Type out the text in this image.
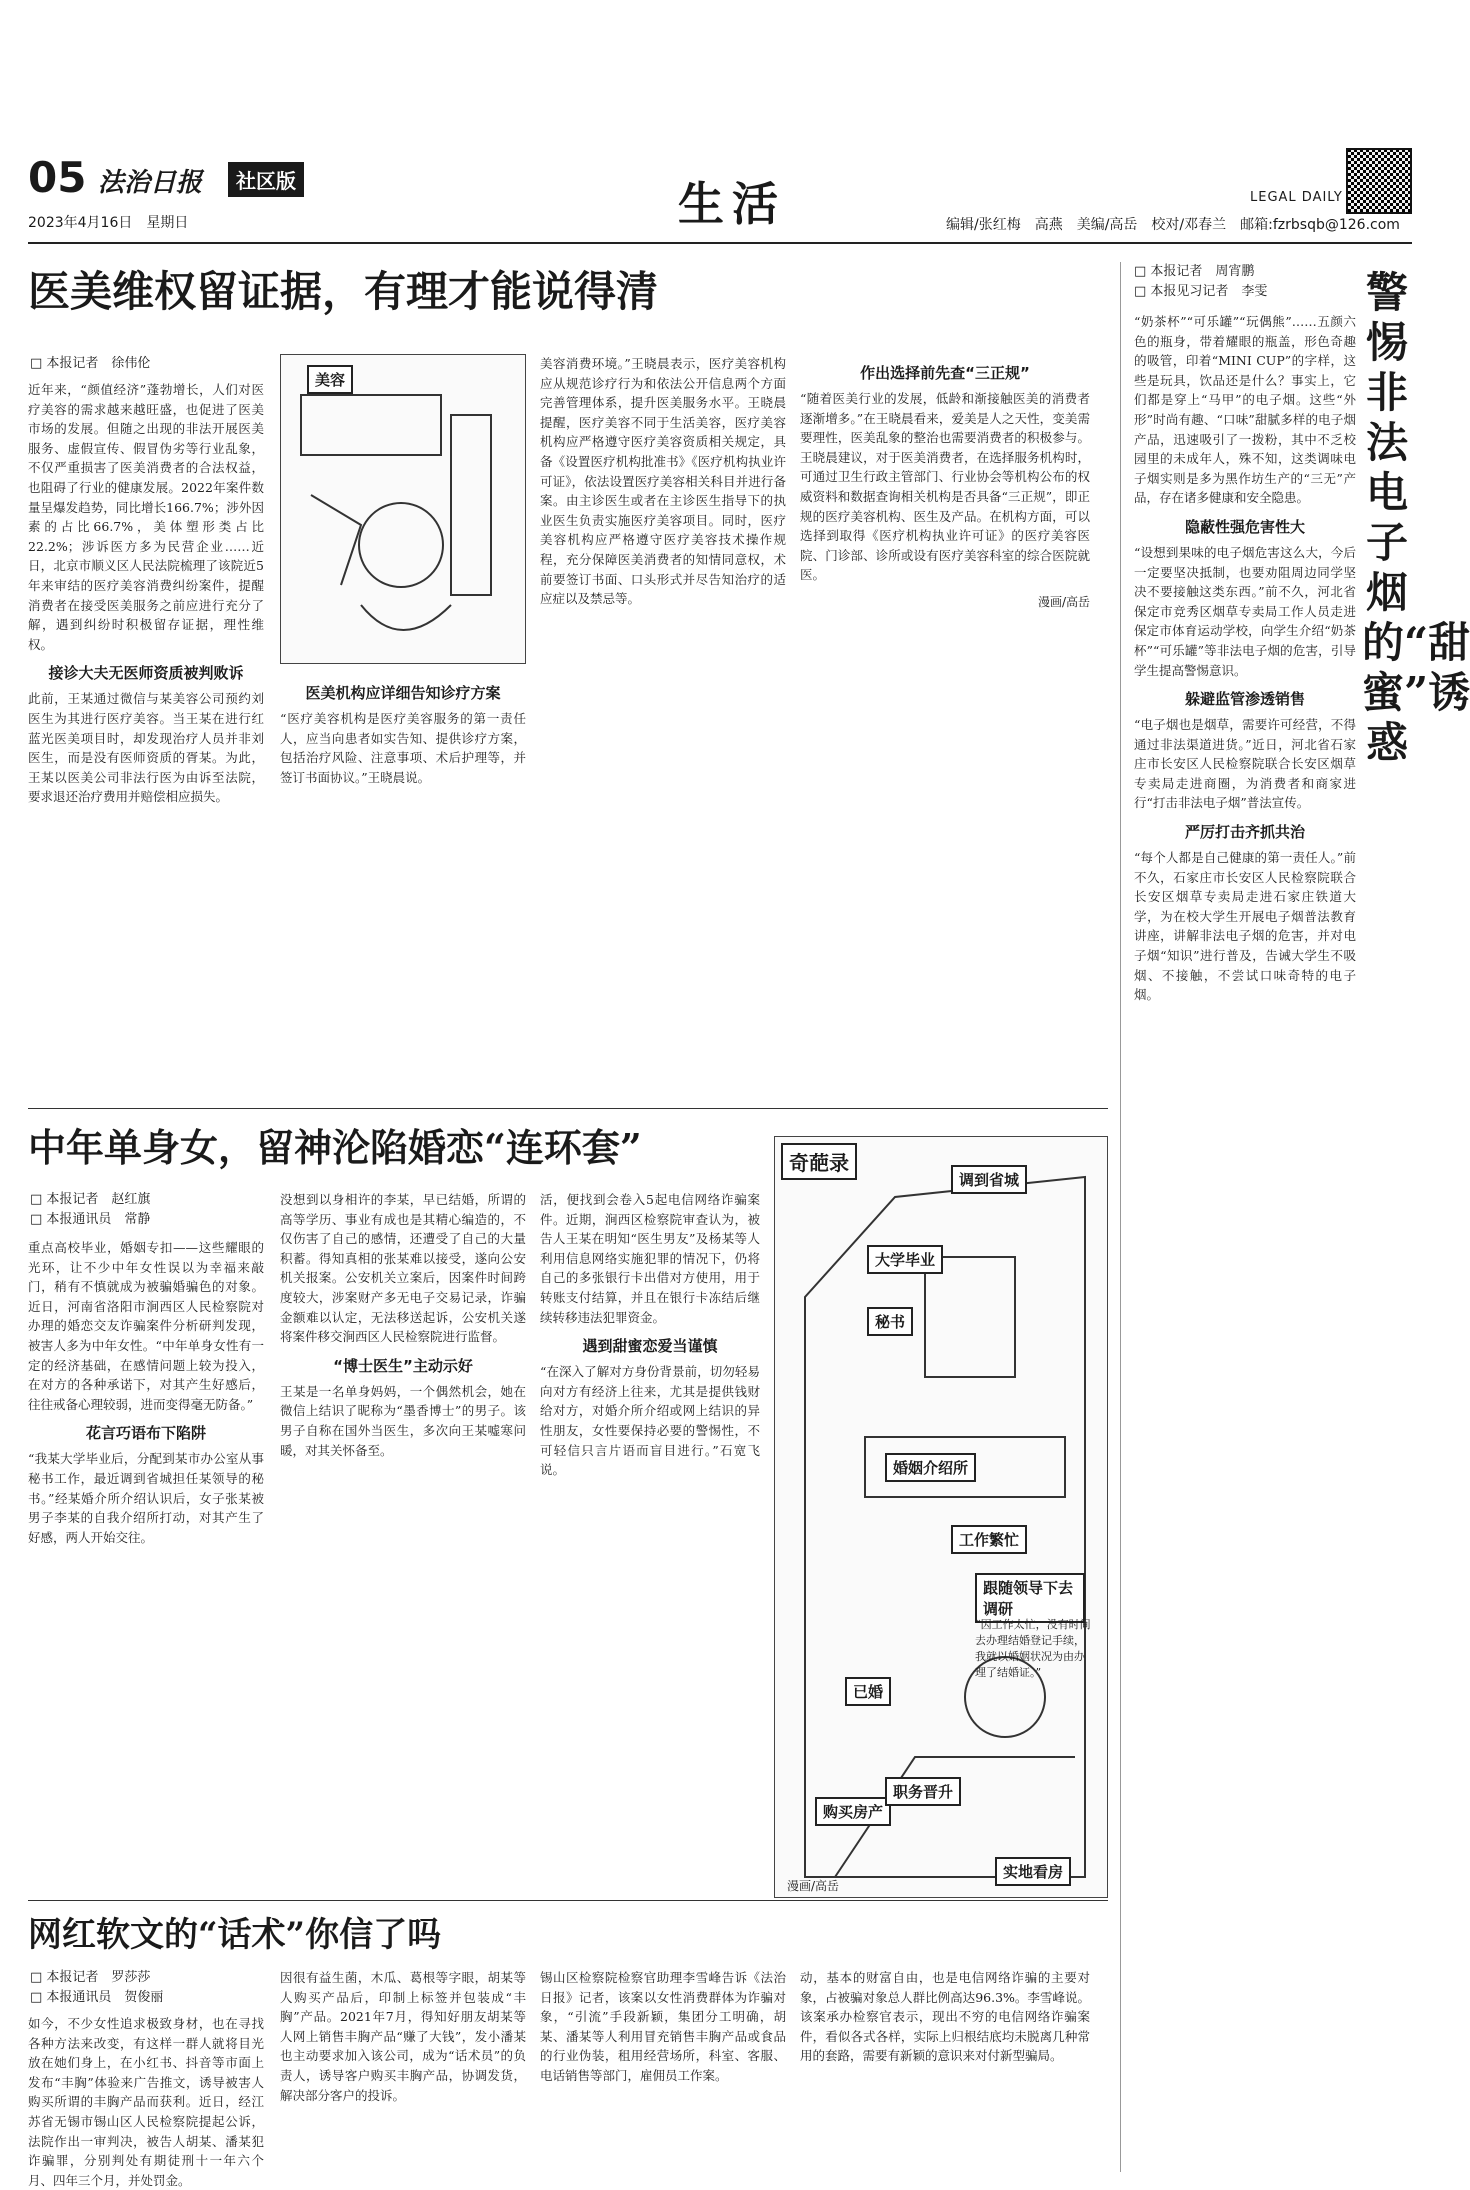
05 法治日报	社区版
2023年4月16日　星期日	生活	LEGAL DAILY
编辑/张红梅　高燕　美编/高岳　校对/邓春兰　邮箱:fzrbsqb@126.com
医美维权留证据，有理才能说得清
□ 本报记者　徐伟伦

近年来，“颜值经济”蓬勃增长，人们对医疗美容的需求越来越旺盛，也促进了医美市场的发展。但随之出现的非法开展医美服务、虚假宣传、假冒伪劣等行业乱象，不仅严重损害了医美消费者的合法权益，也阻碍了行业的健康发展。2022年案件数量呈爆发趋势，同比增长166.7%；涉外因素的占比66.7%，美体塑形类占比22.2%；涉诉医方多为民营企业……近日，北京市顺义区人民法院梳理了该院近5年来审结的医疗美容消费纠纷案件，提醒消费者在接受医美服务之前应进行充分了解，遇到纠纷时积极留存证据，理性维权。

接诊大夫无医师资质被判败诉

此前，王某通过微信与某美容公司预约刘医生为其进行医疗美容。当王某在进行红蓝光医美项目时，却发现治疗人员并非刘医生，而是没有医师资质的胥某。为此，王某以医美公司非法行医为由诉至法院，要求退还治疗费用并赔偿相应损失。

美容
医美机构应详细告知诊疗方案

“医疗美容机构是医疗美容服务的第一责任人，应当向患者如实告知、提供诊疗方案，包括治疗风险、注意事项、术后护理等，并签订书面协议。”王晓晨说。

美容消费环境。”王晓晨表示，医疗美容机构应从规范诊疗行为和依法公开信息两个方面完善管理体系，提升医美服务水平。王晓晨提醒，医疗美容不同于生活美容，医疗美容机构应严格遵守医疗美容资质相关规定，具备《设置医疗机构批准书》《医疗机构执业许可证》，依法设置医疗美容相关科目并进行备案。由主诊医生或者在主诊医生指导下的执业医生负责实施医疗美容项目。同时，医疗美容机构应严格遵守医疗美容技术操作规程，充分保障医美消费者的知情同意权，术前要签订书面、口头形式并尽告知治疗的适应症以及禁忌等。

作出选择前先查“三正规”

“随着医美行业的发展，低龄和渐接触医美的消费者逐渐增多。”在王晓晨看来，爱美是人之天性，变美需要理性，医美乱象的整治也需要消费者的积极参与。王晓晨建议，对于医美消费者，在选择服务机构时，可通过卫生行政主管部门、行业协会等机构公布的权威资料和数据查询相关机构是否具备“三正规”，即正规的医疗美容机构、医生及产品。在机构方面，可以选择到取得《医疗机构执业许可证》的医疗美容医院、门诊部、诊所或设有医疗美容科室的综合医院就医。

漫画/高岳
中年单身女，留神沦陷婚恋“连环套”
□ 本报记者　赵红旗
□ 本报通讯员　常静

重点高校毕业，婚姻专扣——这些耀眼的光环，让不少中年女性误以为幸福来敲门，稍有不慎就成为被骗婚骗色的对象。近日，河南省洛阳市涧西区人民检察院对办理的婚恋交友诈骗案件分析研判发现，被害人多为中年女性。“中年单身女性有一定的经济基础，在感情问题上较为投入，在对方的各种承诺下，对其产生好感后，往往戒备心理较弱，进而变得毫无防备。”

花言巧语布下陷阱

“我某大学毕业后，分配到某市办公室从事秘书工作，最近调到省城担任某领导的秘书。”经某婚介所介绍认识后，女子张某被男子李某的自我介绍所打动，对其产生了好感，两人开始交往。

没想到以身相许的李某，早已结婚，所谓的高等学历、事业有成也是其精心编造的，不仅伤害了自己的感情，还遭受了自己的大量积蓄。得知真相的张某难以接受，遂向公安机关报案。公安机关立案后，因案件时间跨度较大，涉案财产多无电子交易记录，诈骗金额难以认定，无法移送起诉，公安机关遂将案件移交涧西区人民检察院进行监督。

“博士医生”主动示好

王某是一名单身妈妈，一个偶然机会，她在微信上结识了昵称为“墨香博士”的男子。该男子自称在国外当医生，多次向王某嘘寒问暖，对其关怀备至。

活，便找到会卷入5起电信网络诈骗案件。近期，涧西区检察院审查认为，被告人王某在明知“医生男友”及杨某等人利用信息网络实施犯罪的情况下，仍将自己的多张银行卡出借对方使用，用于转账支付结算，并且在银行卡冻结后继续转移违法犯罪资金。

遇到甜蜜恋爱当谨慎

“在深入了解对方身份背景前，切勿轻易向对方有经济上往来，尤其是提供钱财给对方，对婚介所介绍或网上结识的异性朋友，女性要保持必要的警惕性，不可轻信只言片语而盲目进行。”石宽飞说。

奇葩录
调到省城
大学毕业
秘书
婚姻介绍所
工作繁忙
跟随领导下去调研
已婚
购买房产
职务晋升
实地看房
“因工作太忙，没有时间去办理结婚登记手续，我就以婚姻状况为由办理了结婚证。”
漫画/高岳
网红软文的“话术”你信了吗
□ 本报记者　罗莎莎
□ 本报通讯员　贺俊丽

如今，不少女性追求极致身材，也在寻找各种方法来改变，有这样一群人就将目光放在她们身上，在小红书、抖音等市面上发布“丰胸”体验来广告推文，诱导被害人购买所谓的丰胸产品而获利。近日，经江苏省无锡市锡山区人民检察院提起公诉，法院作出一审判决，被告人胡某、潘某犯诈骗罪，分别判处有期徒刑十一年六个月、四年三个月，并处罚金。

因很有益生菌，木瓜、葛根等字眼，胡某等人购买产品后，印制上标签并包装成“丰胸”产品。2021年7月，得知好朋友胡某等人网上销售丰胸产品“赚了大钱”，发小潘某也主动要求加入该公司，成为“话术员”的负责人，诱导客户购买丰胸产品，协调发货，解决部分客户的投诉。

锡山区检察院检察官助理李雪峰告诉《法治日报》记者，该案以女性消费群体为诈骗对象，“引流”手段新颖，集团分工明确，胡某、潘某等人利用冒充销售丰胸产品或食品的行业伪装，租用经营场所，科室、客服、电话销售等部门，雇佣员工作案。

动，基本的财富自由，也是电信网络诈骗的主要对象，占被骗对象总人群比例高达96.3%。李雪峰说。该案承办检察官表示，现出不穷的电信网络诈骗案件，看似各式各样，实际上归根结底均未脱离几种常用的套路，需要有新颖的意识来对付新型骗局。

□ 本报记者　周宵鹏
□ 本报见习记者　李雯 警惕非法电子烟的“甜蜜”诱惑

“奶茶杯”“可乐罐”“玩偶熊”……五颜六色的瓶身，带着耀眼的瓶盖，形色奇趣的吸管，印着“MINI CUP”的字样，这些是玩具，饮品还是什么？事实上，它们都是穿上“马甲”的电子烟。这些“外形”时尚有趣、“口味”甜腻多样的电子烟产品，迅速吸引了一拨粉，其中不乏校园里的未成年人，殊不知，这类调味电子烟实则是多为黑作坊生产的“三无”产品，存在诸多健康和安全隐患。

隐蔽性强危害性大

“设想到果味的电子烟危害这么大，今后一定要坚决抵制，也要劝阻周边同学坚决不要接触这类东西。”前不久，河北省保定市竞秀区烟草专卖局工作人员走进保定市体育运动学校，向学生介绍“奶茶杯”“可乐罐”等非法电子烟的危害，引导学生提高警惕意识。

躲避监管渗透销售

“电子烟也是烟草，需要许可经营，不得通过非法渠道进货。”近日，河北省石家庄市长安区人民检察院联合长安区烟草专卖局走进商圈，为消费者和商家进行“打击非法电子烟”普法宣传。

严厉打击齐抓共治

“每个人都是自己健康的第一责任人。”前不久，石家庄市长安区人民检察院联合长安区烟草专卖局走进石家庄铁道大学，为在校大学生开展电子烟普法教育讲座，讲解非法电子烟的危害，并对电子烟“知识”进行普及，告诫大学生不吸烟、不接触，不尝试口味奇特的电子烟。
